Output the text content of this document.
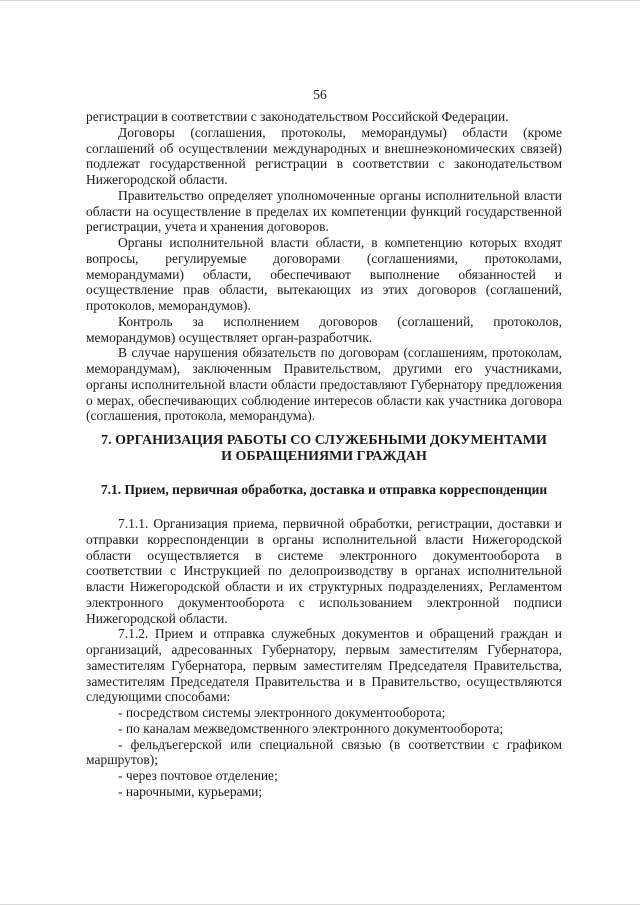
56

регистрации в соответствии с законодательством Российской Федерации.

Договоры (соглашения, протоколы, меморандумы) области (кроме соглашений об осуществлении международных и внешнеэкономических связей) подлежат государственной регистрации в соответствии с законодательством Нижегородской области.

Правительство определяет уполномоченные органы исполнительной власти области на осуществление в пределах их компетенции функций государственной регистрации, учета и хранения договоров.

Органы исполнительной власти области, в компетенцию которых входят вопросы, регулируемые договорами (соглашениями, протоколами, меморандумами) области, обеспечивают выполнение обязанностей и осуществление прав области, вытекающих из этих договоров (соглашений, протоколов, меморандумов).

Контроль за исполнением договоров (соглашений, протоколов, меморандумов) осуществляет орган-разработчик.

В случае нарушения обязательств по договорам (соглашениям, протоколам, меморандумам), заключенным Правительством, другими его участниками, органы исполнительной власти области предоставляют Губернатору предложения о мерах, обеспечивающих соблюдение интересов области как участника договора (соглашения, протокола, меморандума).

7. ОРГАНИЗАЦИЯ РАБОТЫ СО СЛУЖЕБНЫМИ ДОКУМЕНТАМИ
И ОБРАЩЕНИЯМИ ГРАЖДАН
7.1. Прием, первичная обработка, доставка и отправка корреспонденции

7.1.1. Организация приема, первичной обработки, регистрации, доставки и отправки корреспонденции в органы исполнительной власти Нижегородской области осуществляется в системе электронного документооборота в соответствии с Инструкцией по делопроизводству в органах исполнительной власти Нижегородской области и их структурных подразделениях, Регламентом электронного документооборота с использованием электронной подписи Нижегородской области.

7.1.2. Прием и отправка служебных документов и обращений граждан и организаций, адресованных Губернатору, первым заместителям Губернатора, заместителям Губернатора, первым заместителям Председателя Правительства, заместителям Председателя Правительства и в Правительство, осуществляются следующими способами:

- посредством системы электронного документооборота;

- по каналам межведомственного электронного документооборота;

- фельдъегерской или специальной связью (в соответствии с графиком маршрутов);

- через почтовое отделение;

- нарочными, курьерами;
